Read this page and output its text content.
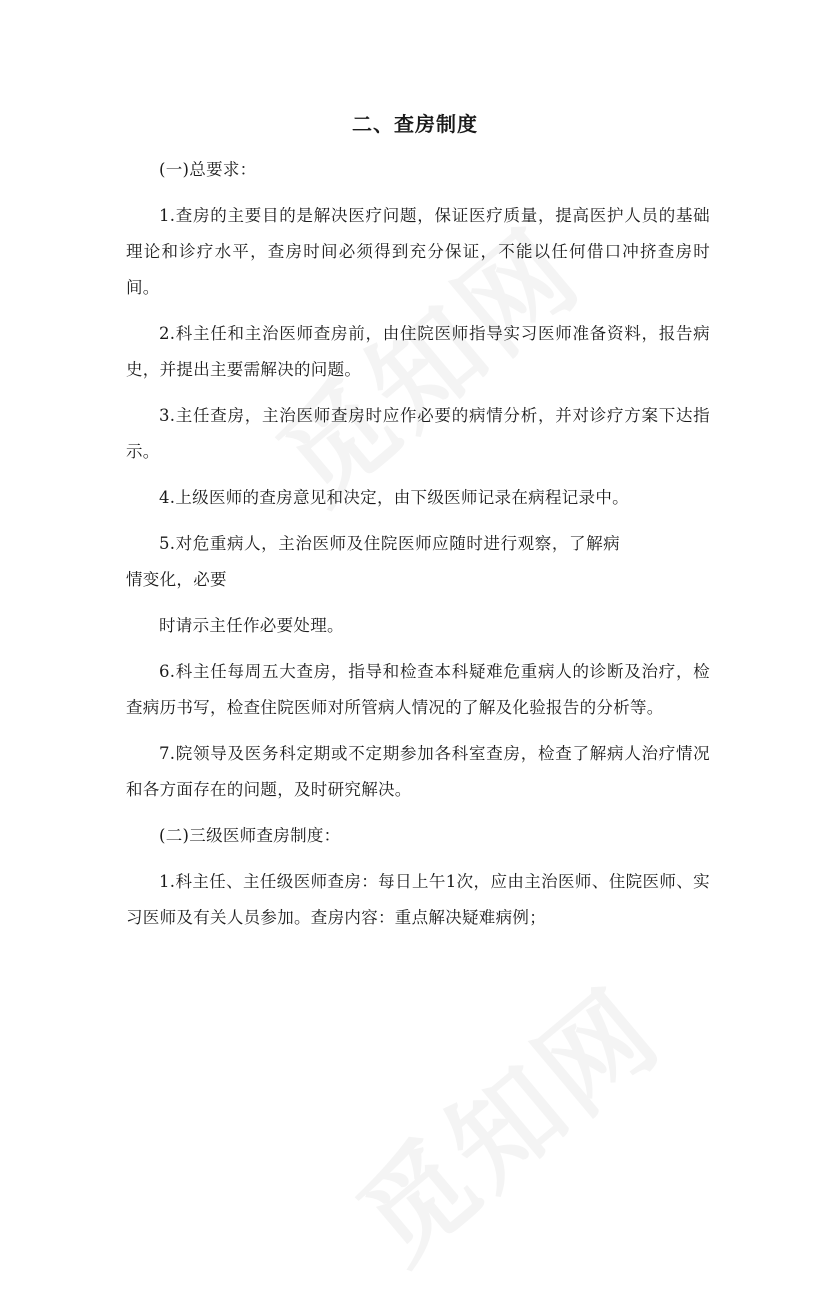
二、查房制度

(一)总要求：

1.查房的主要目的是解决医疗问题，保证医疗质量，提高医护人员的基础理论和诊疗水平，查房时间必须得到充分保证，不能以任何借口冲挤查房时间。

2.科主任和主治医师查房前，由住院医师指导实习医师准备资料，报告病史，并提出主要需解决的问题。

3.主任查房，主治医师查房时应作必要的病情分析，并对诊疗方案下达指示。

4.上级医师的查房意见和决定，由下级医师记录在病程记录中。

5.对危重病人，主治医师及住院医师应随时进行观察，了解病情变化，必要

时请示主任作必要处理。

6.科主任每周五大查房，指导和检查本科疑难危重病人的诊断及治疗，检查病历书写，检查住院医师对所管病人情况的了解及化验报告的分析等。

7.院领导及医务科定期或不定期参加各科室查房，检查了解病人治疗情况和各方面存在的问题，及时研究解决。

(二)三级医师查房制度：

1.科主任、主任级医师查房：每日上午1次，应由主治医师、住院医师、实习医师及有关人员参加。查房内容：重点解决疑难病例；
